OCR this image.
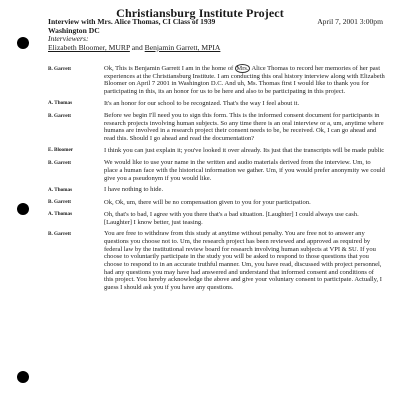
Christiansburg Institute Project
Interview with Mrs. Alice Thomas, CI Class of 1939	April 7, 2001 3:00pm
Washington DC
Interviewers:
Elizabeth Bloomer, MURP and Benjamin Garrett, MPIA
B. Garrett	Ok, This is Benjamin Garrett I am in the home of Mrs. Alice Thomas to record her memories of her past experiences at the Christiansburg Institute. I am conducting this oral history interview along with Elizabeth Bloomer on April 7 2001 in Washington D.C. And uh, Ms. Thomas first I would like to thank you for participating in this, its an honor for us to be here and also to be participating in this project.
A. Thomas	It's an honor for our school to be recognized. That's the way I feel about it.
B. Garrett	Before we begin I'll need you to sign this form. This is the informed consent document for participants in research projects involving human subjects. So any time there is an oral interview or a, um, anytime where humans are involved in a research project their consent needs to be, be received. Ok, I can go ahead and read this. Should I go ahead and read the documentation?
E. Bloomer	I think you can just explain it; you've looked it over already. Its just that the transcripts will be made public
B. Garrett	We would like to use your name in the written and audio materials derived from the interview. Um, to place a human face with the historical information we gather. Um, if you would prefer anonymity we could give you a pseudonym if you would like.
A. Thomas	I have nothing to hide.
B. Garrett	Ok, Ok, um, there will be no compensation given to you for your participation.
A. Thomas	Oh, that's to bad, I agree with you there that's a bad situation. [Laughter] I could always use cash. [Laughter] I know better, just teasing.
B. Garrett	You are free to withdraw from this study at anytime without penalty. You are free not to answer any questions you choose not to. Um, the research project has been reviewed and approved as required by federal law by the institutional review board for research involving human subjects at VPI & SU. If you choose to voluntarily participate in the study you will be asked to respond to those questions that you choose to respond to in an accurate truthful manner. Um, you have read, discussed with project personnel, had any questions you may have had answered and understand that informed consent and conditions of this project. You hereby acknowledge the above and give your voluntary consent to participate. Actually, I guess I should ask you if you have any questions.
